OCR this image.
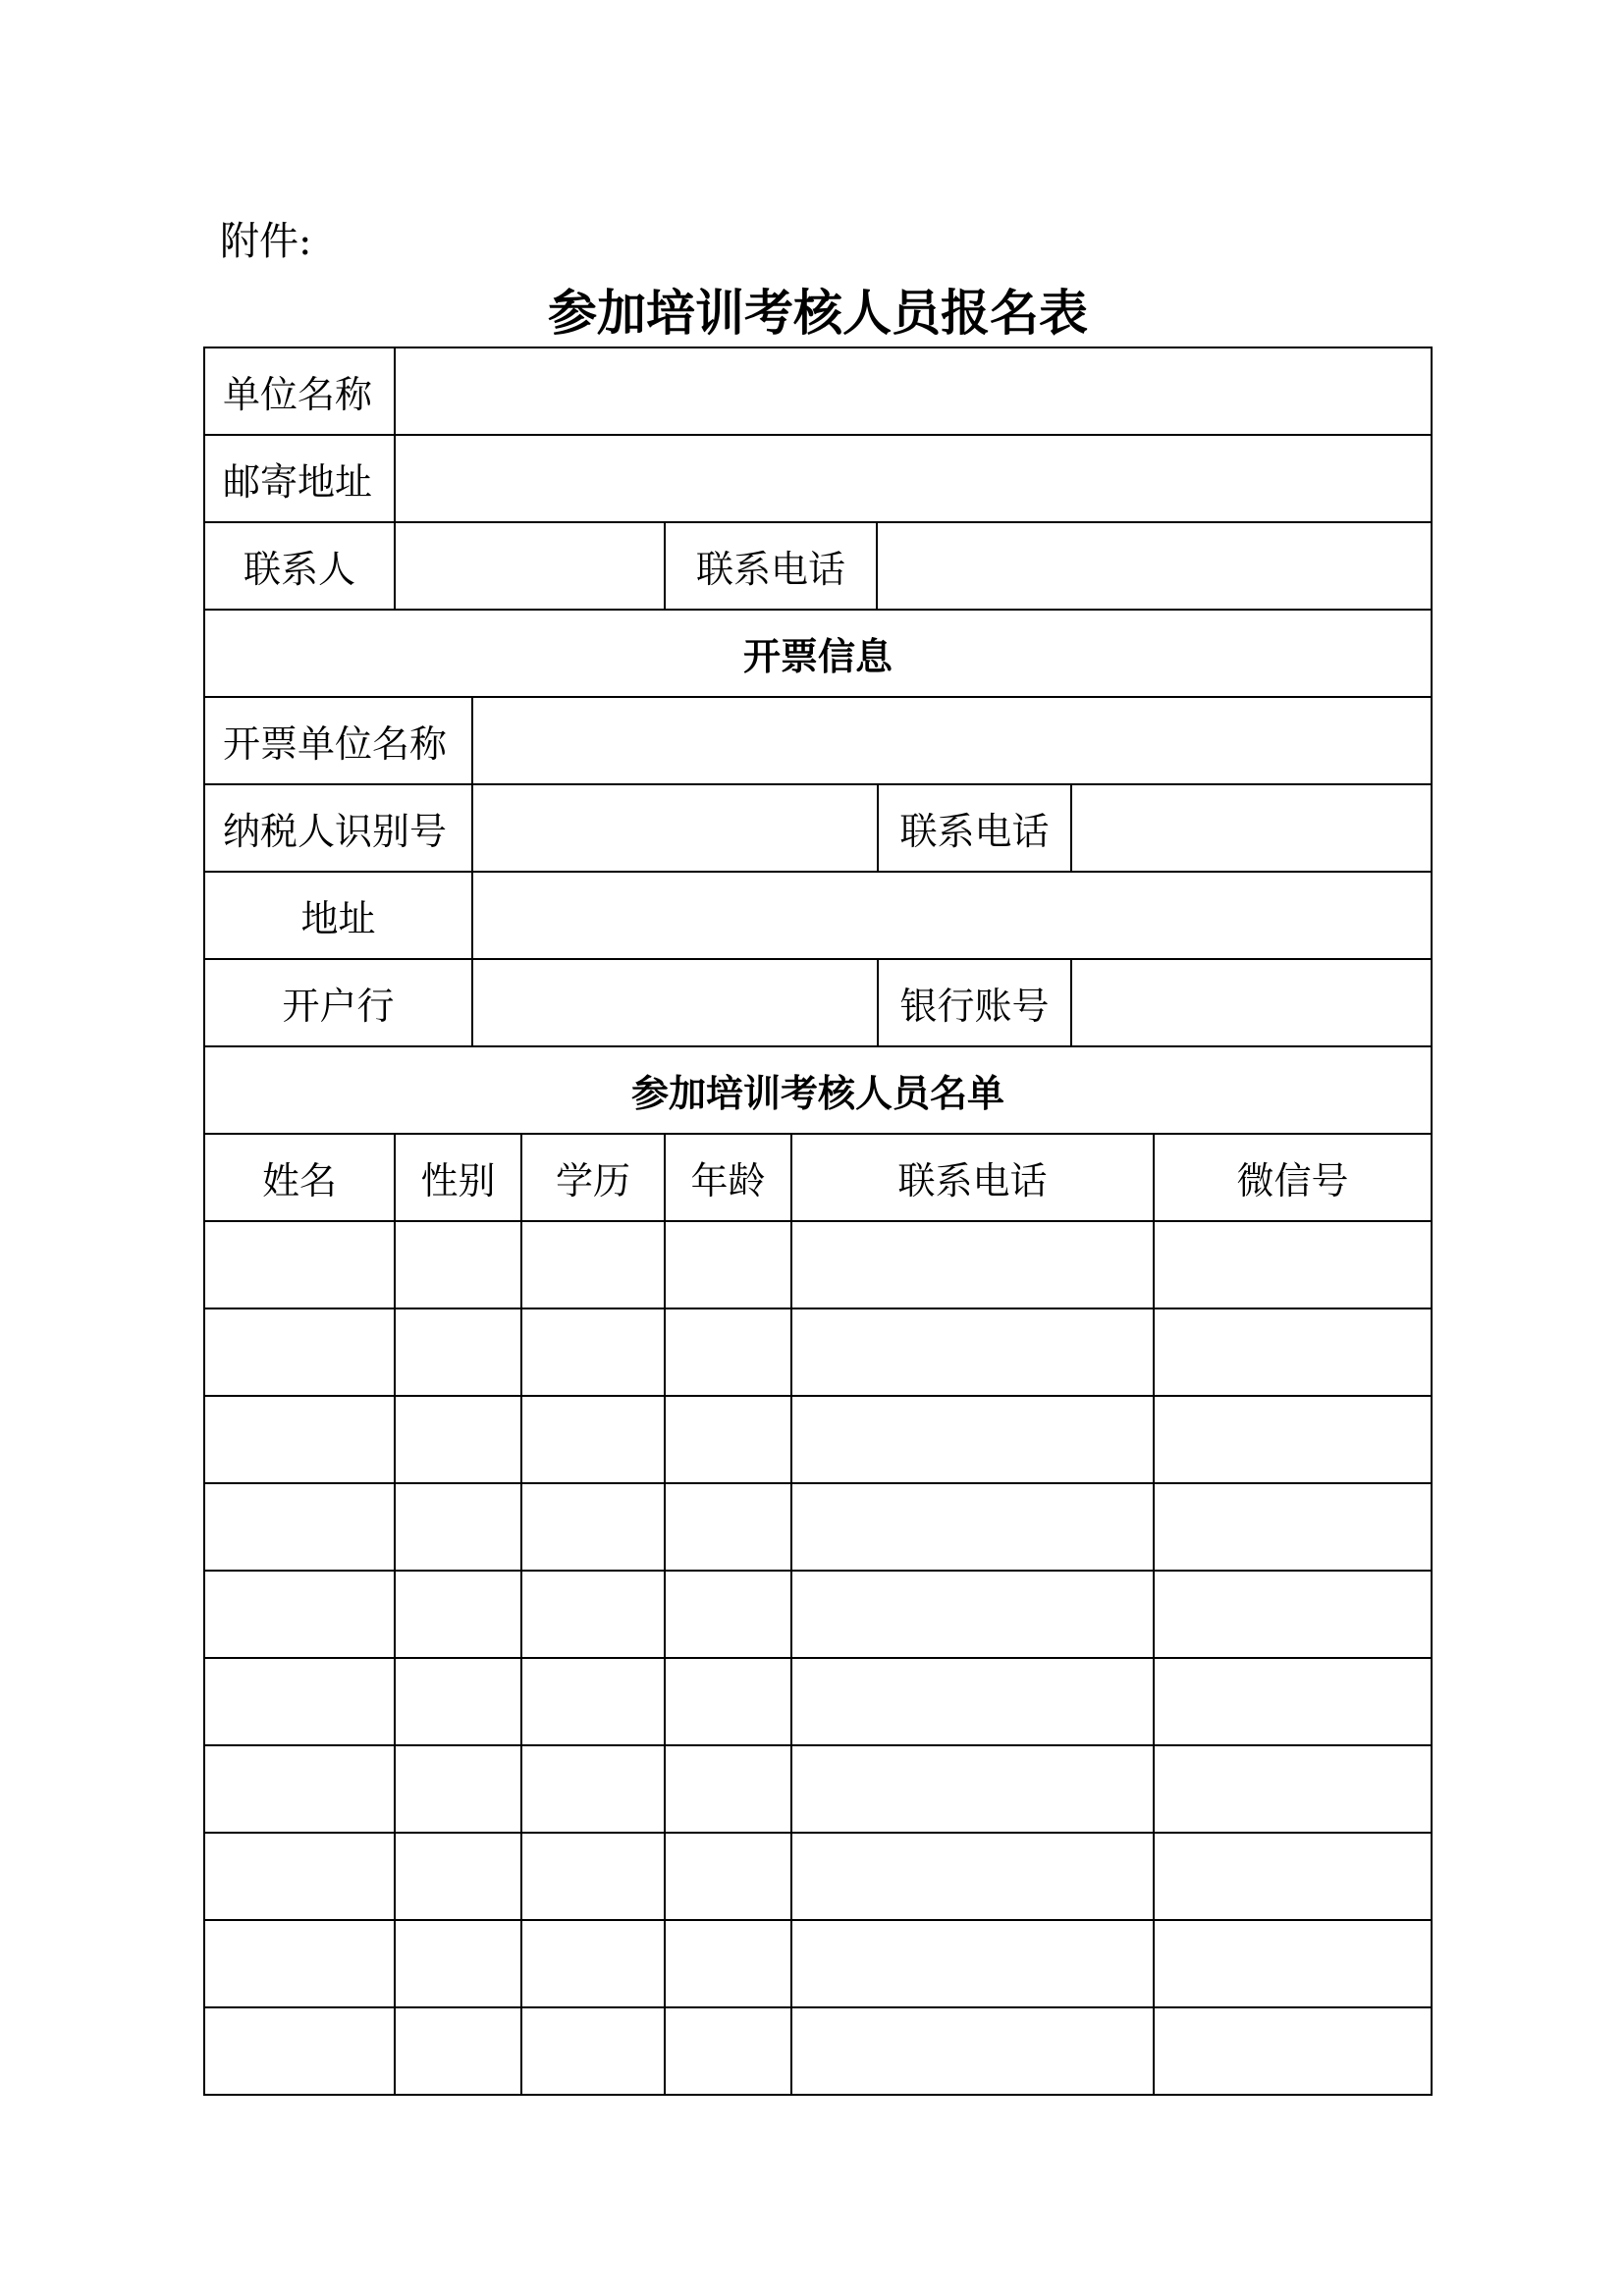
附件:
参加培训考核人员报名表
单位名称
邮寄地址
联系人	联系电话
开票信息
开票单位名称
纳税人识别号	联系电话
地址
开户行	银行账号
参加培训考核人员名单
姓名	性别	学历	年龄	联系电话	微信号
